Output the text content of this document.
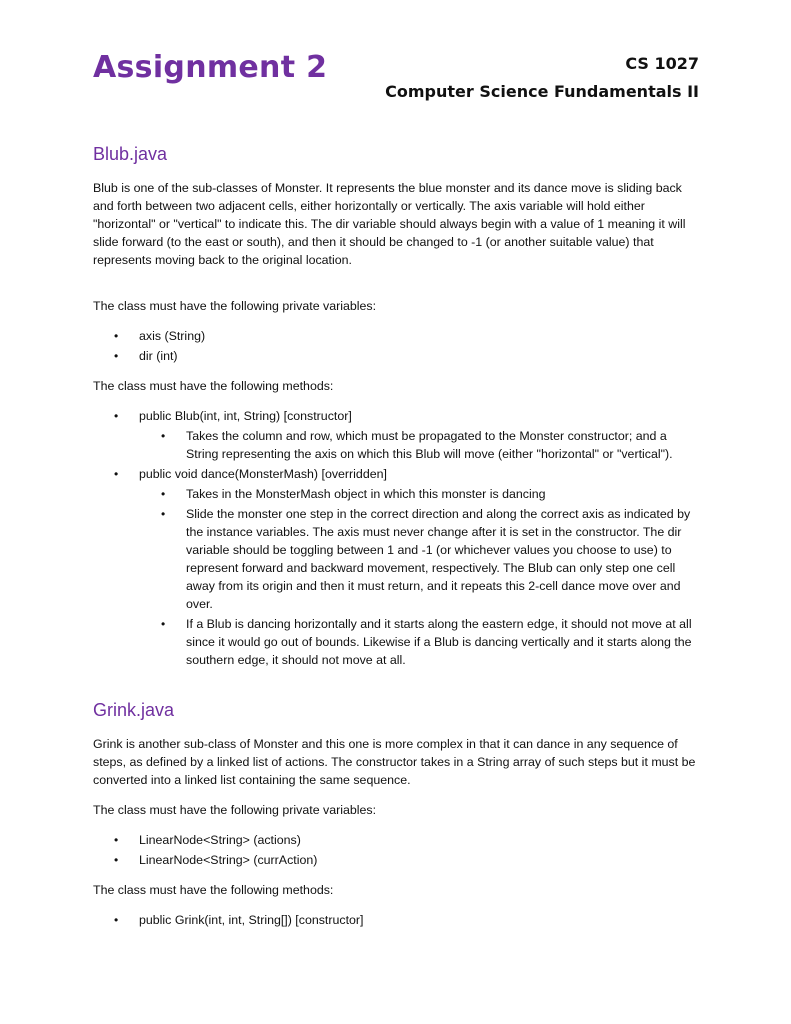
Assignment 2	CS 1027
Computer Science Fundamentals II
Blub.java

Blub is one of the sub-classes of Monster. It represents the blue monster and its dance move is sliding back and forth between two adjacent cells, either horizontally or vertically. The axis variable will hold either "horizontal" or "vertical" to indicate this. The dir variable should always begin with a value of 1 meaning it will slide forward (to the east or south), and then it should be changed to -1 (or another suitable value) that represents moving back to the original location.

The class must have the following private variables:

• axis (String)
• dir (int)

The class must have the following methods:

• public Blub(int, int, String) [constructor]
• Takes the column and row, which must be propagated to the Monster constructor; and a String representing the axis on which this Blub will move (either "horizontal" or "vertical").
• public void dance(MonsterMash) [overridden]
• Takes in the MonsterMash object in which this monster is dancing
• Slide the monster one step in the correct direction and along the correct axis as indicated by the instance variables. The axis must never change after it is set in the constructor. The dir variable should be toggling between 1 and -1 (or whichever values you choose to use) to represent forward and backward movement, respectively. The Blub can only step one cell away from its origin and then it must return, and it repeats this 2-cell dance move over and over.
• If a Blub is dancing horizontally and it starts along the eastern edge, it should not move at all since it would go out of bounds. Likewise if a Blub is dancing vertically and it starts along the southern edge, it should not move at all.
Grink.java

Grink is another sub-class of Monster and this one is more complex in that it can dance in any sequence of steps, as defined by a linked list of actions. The constructor takes in a String array of such steps but it must be converted into a linked list containing the same sequence.

The class must have the following private variables:

• LinearNode<String> (actions)
• LinearNode<String> (currAction)

The class must have the following methods:

• public Grink(int, int, String[]) [constructor]
